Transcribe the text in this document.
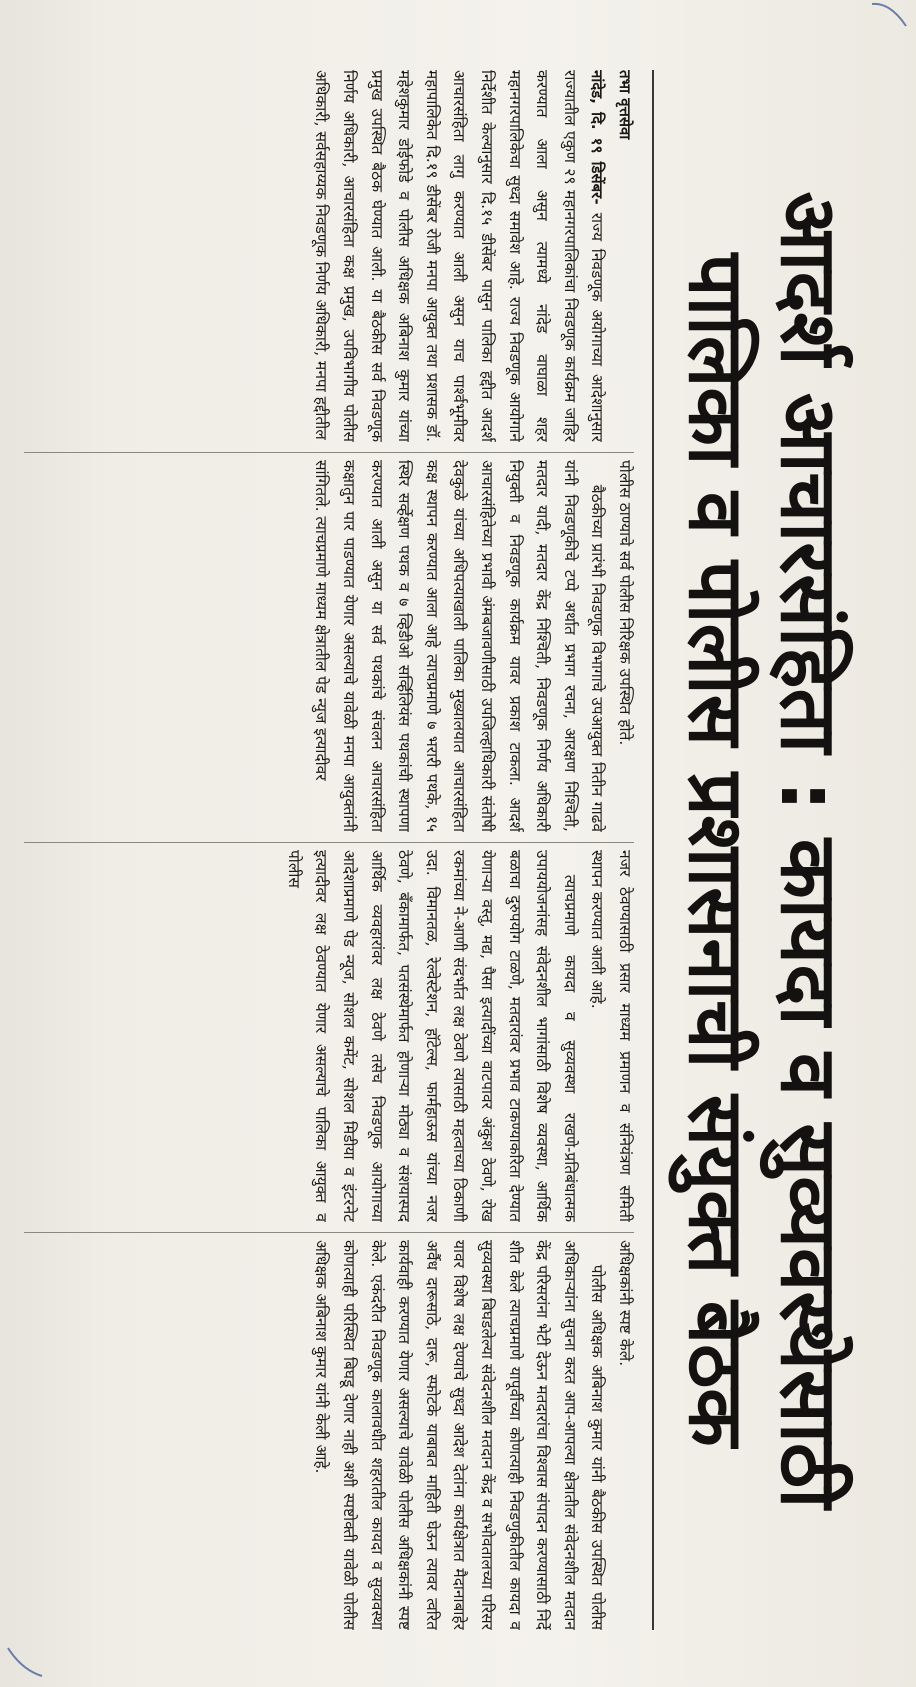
आदर्श आचारसंहिता : कायदा व सुव्यवस्थेसाठी
पालिका व पोलीस प्रशासनाची संयुक्त बैठक
तभा वृत्तसेवा
नांदेड, दि. १९ डिसेंबर- राज्य निवडणूक अयोगाच्या आदेशानुसार राज्यातील एकुण २९ महानगरपालिकांचा निवडणूक कार्यक्रम जाहिर करण्यात आला असुन त्यामध्ये नांदेड वाघाळा शहर महानगरपालिकेचा सुध्दा समावेश आहे. राज्य निवडणूक आयोगाने निर्देशीत केल्यानुसार दि.१५ डीसेंबर पासुन पालिका हद्दीत आदर्श आचारसंहिता लागु करण्यात आली असुन याच पार्श्वभूमीवर महापालिकेत दि.१९ डीसेंबर रोजी मनपा आयुक्त तथा प्रशासक डॉ. महेशकुमार डोईफोडे व पोलीस अधिक्षक अबिनाश कुमार यांच्या प्रमुख उपस्थित बैठक घेण्यात आली. या बैठकीस सर्व निवडणूक निर्णय अधिकारी, आचारसंहिता कक्ष प्रमुख, उपविभागीय पोलीस अधिकारी, सर्वसहाय्यक निवडणूक निर्णय अधिकारी, मनपा हद्दीतील

पोलीस ठाण्याचे सर्व पोलीस निरिक्षक उपस्थित होते.

बैठकीच्या प्रारंभी निवडणूक विभागाचे उपआयुक्त नितीन गाढवे यांनी निवडणूकीचे टप्पे अर्थात प्रभाग रचना, आरक्षण निश्चिती, मतदार यादी, मतदार केंद्र निश्चिती, निवडणूक निर्णय अधिकारी नियुक्ती व निवडणूक कार्यक्रम यावर प्रकाश टाकला. आदर्श आचारसंहितेच्या प्रभावी अंमबजावणीसाठी उपजिल्हाधिकारी संतोषी देवकुळे यांच्या अधिपत्याखाली पालिका मुख्यालयात आचारसंहिता कक्ष स्थापन करण्यात आला आहे त्याचप्रमाणे ७ भरारी पथके, १५ स्थिर सर्व्हेक्षण पथक व ७ व्हिडीओ सर्व्हिलियंस पथकांची स्थापणा करण्यात आली असुन या सर्व पथकांचे संचलन आचारसंहिता कक्षातुन पार पाडण्यात येणार असल्याचे यावेळी मनपा आयुक्तांनी सांगितले. त्याचप्रमाणे माध्यम क्षेत्रातील पेड न्युज इत्यादीवर

नजर ठेवण्यासाठी प्रसार माध्यम प्रमाणन व संनियंत्रण समिती स्थापन करण्यात आली आहे.

त्याचप्रमाणे कायदा व सुव्यवस्था राखणे-प्रतिबंधात्मक उपाययोजनांसह संवेदनशील भागांसाठी विशेष व्यवस्था, आर्थिक बळाचा दुरुपयोग टाळणे, मतदारांवर प्रभाव टाकण्याकरिता देण्यात येणाऱ्या वस्तु, मद्य, पैसा इत्यादींच्या वाटपावर अंकुश ठेवणे, रोख रकमांच्या ने-आणी संदर्भात लक्ष ठेवणे त्यासाठी महत्वाच्या ठिकाणी उदा. विमानतळ, रेल्वेस्टेशन, हॉटेल्स, फार्महाऊस यांच्या नजर ठेवणे, बँकामार्फत, पतसंस्थेमार्फत होणाऱ्या मोठ्या व संशयास्पद आर्थिक व्यवहारांवर लक्ष ठेवणे तसेच निवडणूक आयोगाच्या आदेशाप्रमाणे पेड न्यूज, सोशल कमेंट, सोशल मिडीया व इंटरनेट इत्यादीवर लक्ष ठेवण्यात येणार असल्याचे पालिका आयुक्त व पोलीस

अधिक्षकांनी स्पष्ट केले.

पोलीस अधिक्षक अबिनाश कुमार यांनी बैठकीस उपस्थित पोलीस अधिकाऱ्यांना सुचना करत आप-आपल्या क्षेत्रातील संवेदनशील मतदान केंद्र परिसरांना भेटी देऊन मतदारांचा विश्वास संपादन करण्यासाठी निर्दे शीत केले त्याचप्रमाणे यापूर्वीच्या कोणत्याही निवडणुकीतील कायदा व सुव्यवस्था बिघडलेल्या संवेदनशील मतदान केंद्र व सभोवतालच्या परिसर यावर विशेष लक्ष देण्याचे सुध्दा आदेश देतांना कार्यक्षेत्रात मैदानाबाहेर अर्वैध दारूसाठे, दारू, स्फोटके याबाबत माहिती घेऊन त्यावर त्वरित कार्यवाही करण्यात येणार असल्याचे यावेळी पोलीस अधिक्षकांनी स्पष्ट केले. एकंदरीत निवडणूक कालावधीत शहरातील कायदा व सुव्यवस्था कोणत्याही परिस्थित बिघडू देणार नाही अशी स्पष्टोक्ती यावेळी पोलीस अधिक्षक अबिनाश कुमार यांनी केली आहे.
